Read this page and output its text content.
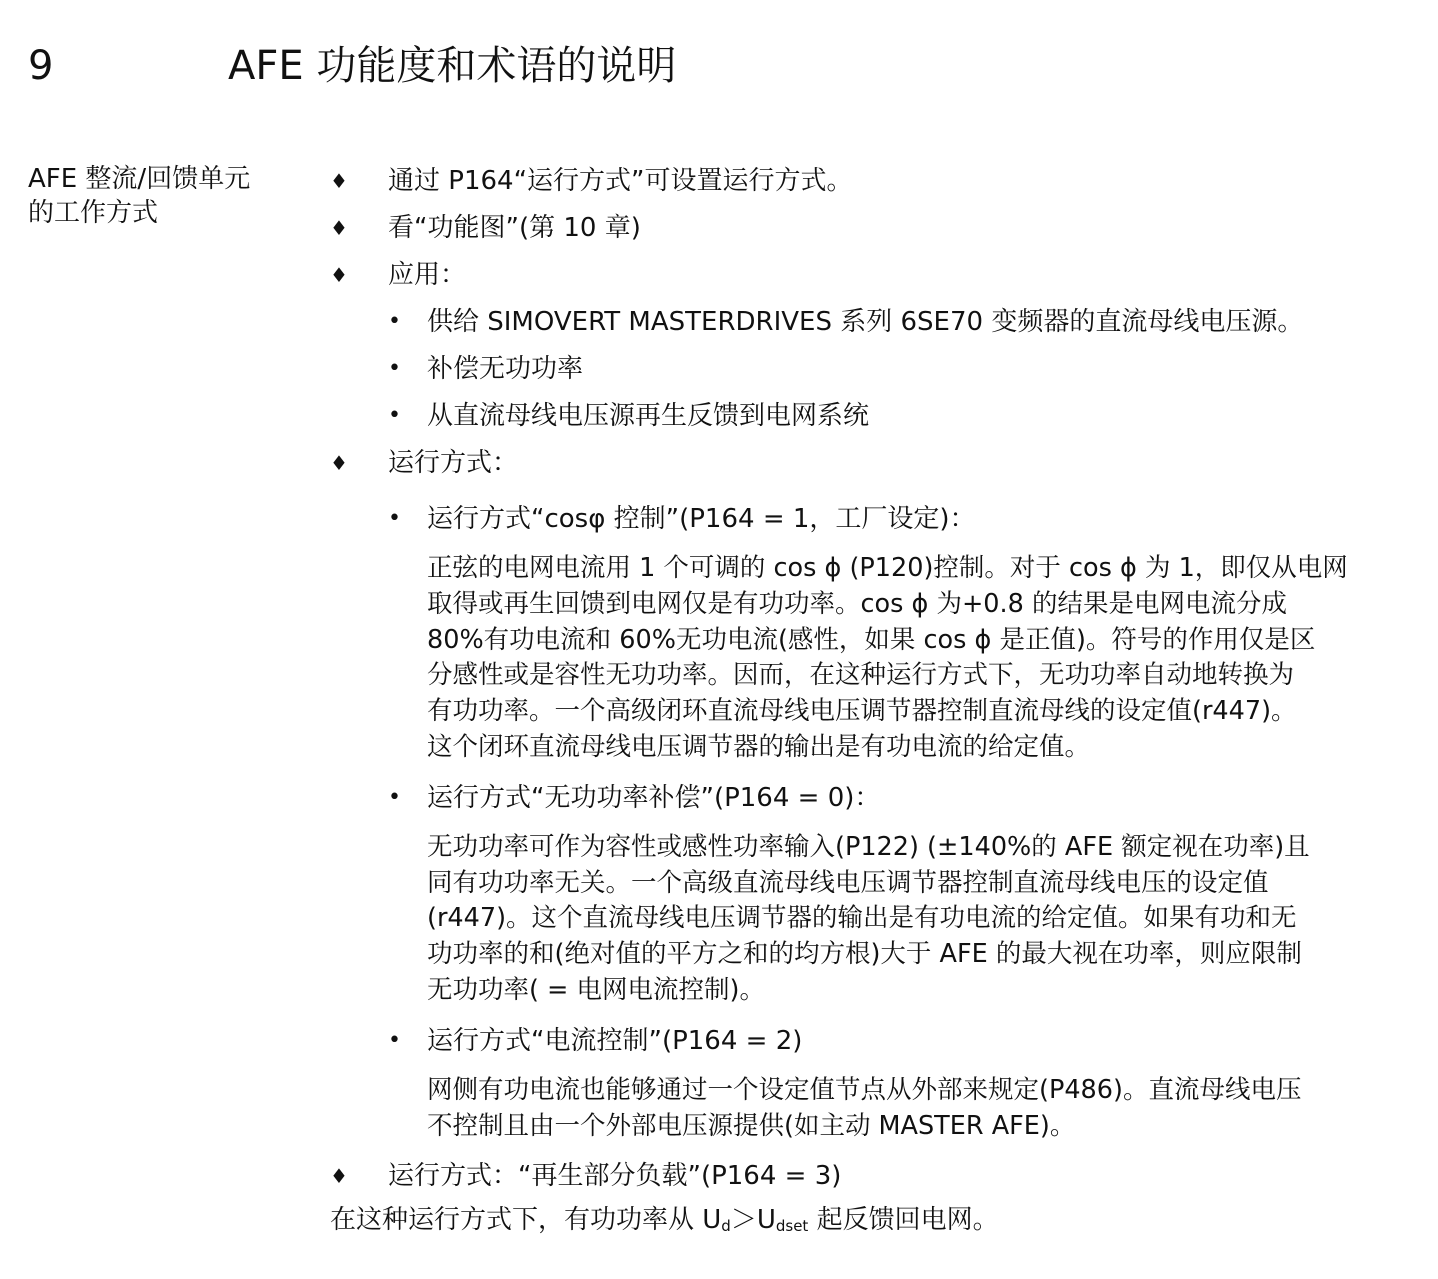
9	AFE 功能度和术语的说明
AFE 整流/回馈单元
的工作方式
♦ 通过 P164“运行方式”可设置运行方式。
♦ 看“功能图”(第 10 章)
♦ 应用：
• 供给 SIMOVERT MASTERDRIVES 系列 6SE70 变频器的直流母线电压源。
• 补偿无功功率
• 从直流母线电压源再生反馈到电网系统
♦ 运行方式：
• 运行方式“cosφ 控制”(P164 = 1，工厂设定)：
正弦的电网电流用 1 个可调的 cos ϕ (P120)控制。对于 cos ϕ 为 1，即仅从电网
取得或再生回馈到电网仅是有功功率。cos ϕ 为+0.8 的结果是电网电流分成
80%有功电流和 60%无功电流(感性，如果 cos ϕ 是正值)。符号的作用仅是区
分感性或是容性无功功率。因而，在这种运行方式下，无功功率自动地转换为
有功功率。一个高级闭环直流母线电压调节器控制直流母线的设定值(r447)。
这个闭环直流母线电压调节器的输出是有功电流的给定值。
• 运行方式“无功功率补偿”(P164 = 0)：
无功功率可作为容性或感性功率输入(P122) (±140%的 AFE 额定视在功率)且
同有功功率无关。一个高级直流母线电压调节器控制直流母线电压的设定值
(r447)。这个直流母线电压调节器的输出是有功电流的给定值。如果有功和无
功功率的和(绝对值的平方之和的均方根)大于 AFE 的最大视在功率，则应限制
无功功率( = 电网电流控制)。
• 运行方式“电流控制”(P164 = 2)
网侧有功电流也能够通过一个设定值节点从外部来规定(P486)。直流母线电压
不控制且由一个外部电压源提供(如主动 MASTER AFE)。
♦ 运行方式：“再生部分负载”(P164 = 3)
在这种运行方式下，有功功率从 $U_d>U_{dset}$ 起反馈回电网。
